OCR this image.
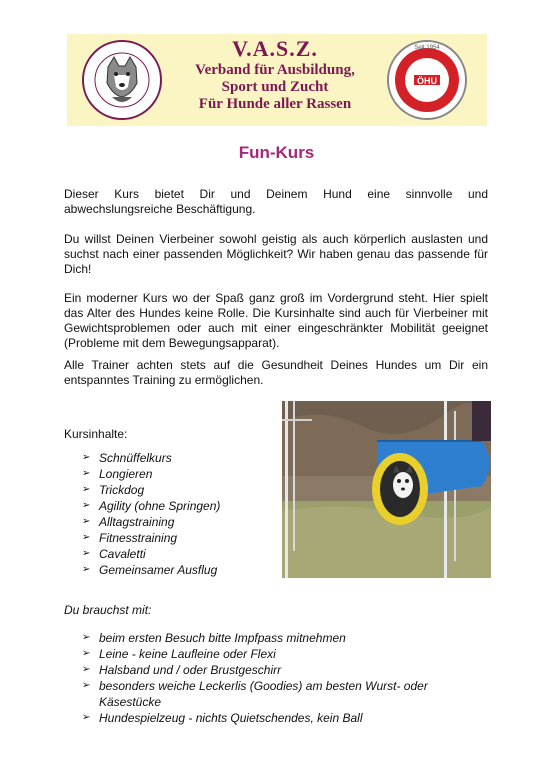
ÖHU
Seit 1954
V.A.S.Z.
Verband für Ausbildung,
Sport und Zucht
Für Hunde aller Rassen
Fun-Kurs

Dieser Kurs bietet Dir und Deinem Hund eine sinnvolle und abwechslungsreiche Beschäftigung.

Du willst Deinen Vierbeiner sowohl geistig als auch körperlich auslasten und suchst nach einer passenden Möglichkeit? Wir haben genau das passende für Dich!

Ein moderner Kurs wo der Spaß ganz groß im Vordergrund steht. Hier spielt das Alter des Hundes keine Rolle. Die Kursinhalte sind auch für Vierbeiner mit Gewichtsproblemen oder auch mit einer eingeschränkter Mobilität geeignet (Probleme mit dem Bewegungsapparat).

Alle Trainer achten stets auf die Gesundheit Deines Hundes um Dir ein entspanntes Training zu ermöglichen.

Kursinhalte:
➢ Schnüffelkurs
➢ Longieren
➢ Trickdog
➢ Agility (ohne Springen)
➢ Alltagstraining
➢ Fitnesstraining
➢ Cavaletti
➢ Gemeinsamer Ausflug
Du brauchst mit:
➢ beim ersten Besuch bitte Impfpass mitnehmen
➢ Leine - keine Laufleine oder Flexi
➢ Halsband und / oder Brustgeschirr
➢ besonders weiche Leckerlis (Goodies) am besten Wurst- oder Käsestücke
➢ Hundespielzeug - nichts Quietschendes, kein Ball
